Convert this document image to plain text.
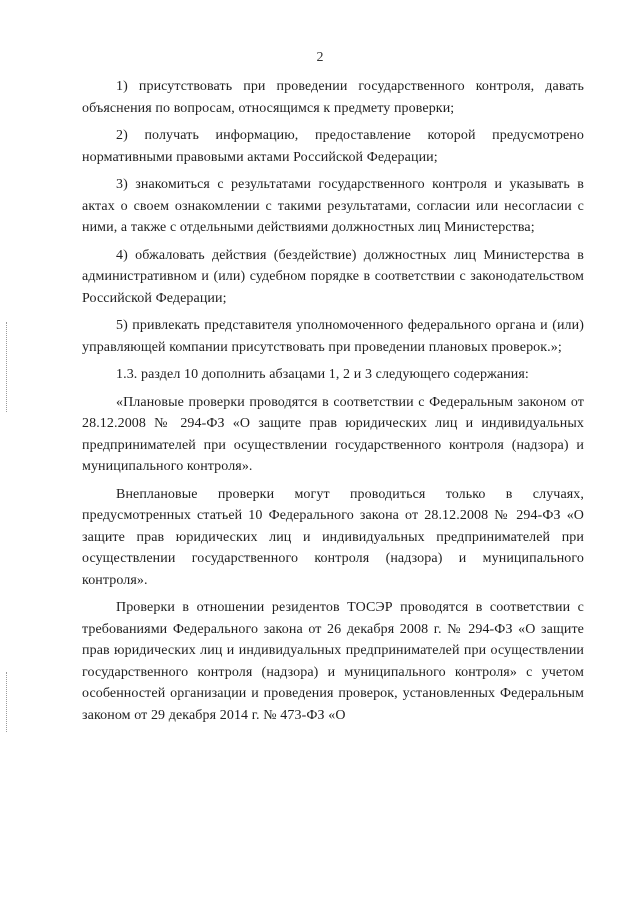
2

1) присутствовать при проведении государственного контроля, давать объяснения по вопросам, относящимся к предмету проверки;

2) получать информацию, предоставление которой предусмотрено нормативными правовыми актами Российской Федерации;

3) знакомиться с результатами государственного контроля и указывать в актах о своем ознакомлении с такими результатами, согласии или несогласии с ними, а также с отдельными действиями должностных лиц Министерства;

4) обжаловать действия (бездействие) должностных лиц Министерства в административном и (или) судебном порядке в соответствии с законодательством Российской Федерации;

5) привлекать представителя уполномоченного федерального органа и (или) управляющей компании присутствовать при проведении плановых проверок.»;

1.3. раздел 10 дополнить абзацами 1, 2 и 3 следующего содержания:

«Плановые проверки проводятся в соответствии с Федеральным законом от 28.12.2008 № 294-ФЗ «О защите прав юридических лиц и индивидуальных предпринимателей при осуществлении государственного контроля (надзора) и муниципального контроля».

Внеплановые проверки могут проводиться только в случаях, предусмотренных статьей 10 Федерального закона от 28.12.2008 № 294-ФЗ «О защите прав юридических лиц и индивидуальных предпринимателей при осуществлении государственного контроля (надзора) и муниципального контроля».

Проверки в отношении резидентов ТОСЭР проводятся в соответствии с требованиями Федерального закона от 26 декабря 2008 г. № 294-ФЗ «О защите прав юридических лиц и индивидуальных предпринимателей при осуществлении государственного контроля (надзора) и муниципального контроля» с учетом особенностей организации и проведения проверок, установленных Федеральным законом от 29 декабря 2014 г. № 473-ФЗ «О
